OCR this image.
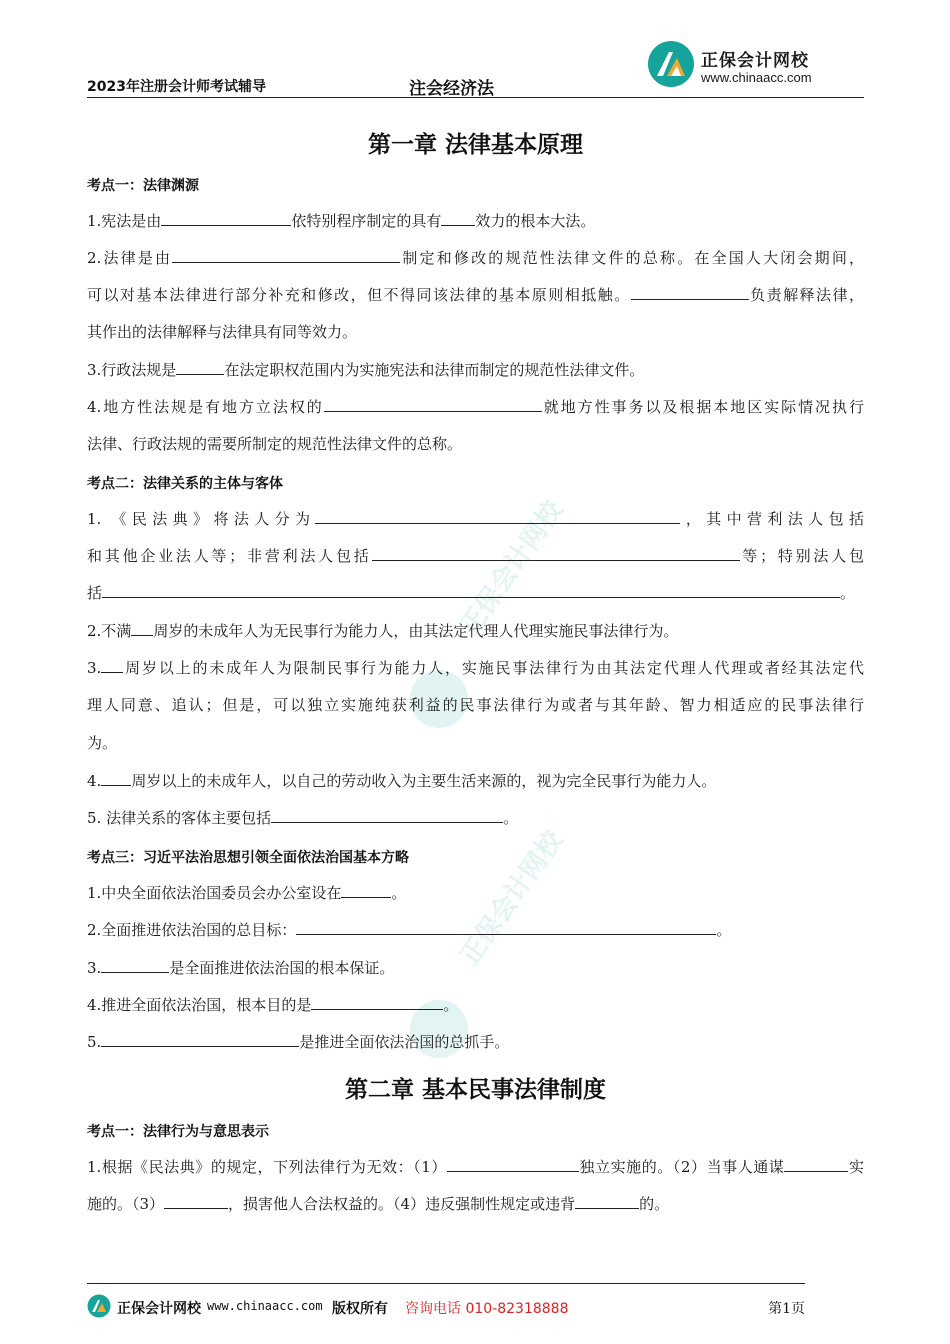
2023年注册会计师考试辅导	注会经济法
正保会计网校
www.chinaacc.com
正保会计网校
正保会计网校
第一章 法律基本原理
考点一：法律渊源
1.宪法是由	依特别程序制定的具有 效力的根本大法。
2.法律是由	制定和修改的规范性法律文件的总称。在全国人大闭会期间，
可以对基本法律进行部分补充和修改，但不得同该法律的基本原则相抵触。	负责解释法律，
其作出的法律解释与法律具有同等效力。
3.行政法规是	在法定职权范围内为实施宪法和法律而制定的规范性法律文件。
4.地方性法规是有地方立法权的	就地方性事务以及根据本地区实际情况执行
法律、行政法规的需要所制定的规范性法律文件的总称。
考点二：法律关系的主体与客体
1. 《民法典》将法人分为	，其中营利法人包括
和其他企业法人等；非营利法人包括	等；特别法人包
括	。
2.不满 周岁的未成年人为无民事行为能力人，由其法定代理人代理实施民事法律行为。
3. 周岁以上的未成年人为限制民事行为能力人，实施民事法律行为由其法定代理人代理或者经其法定代
理人同意、追认；但是，可以独立实施纯获利益的民事法律行为或者与其年龄、智力相适应的民事法律行
为。
4. 周岁以上的未成年人，以自己的劳动收入为主要生活来源的，视为完全民事行为能力人。
5. 法律关系的客体主要包括	。
考点三：习近平法治思想引领全面依法治国基本方略
1.中央全面依法治国委员会办公室设在	。
2.全面推进依法治国的总目标：	。
3.	是全面推进依法治国的根本保证。
4.推进全面依法治国，根本目的是	。
5.	是推进全面依法治国的总抓手。
第二章 基本民事法律制度
考点一：法律行为与意思表示
1.根据《民法典》的规定，下列法律行为无效：（1）	独立实施的。（2）当事人通谋	实
施的。（3）	，损害他人合法权益的。（4）违反强制性规定或违背	的。
正保会计网校 www.chinaacc.com 版权所有 咨询电话 010-82318888	第1页
